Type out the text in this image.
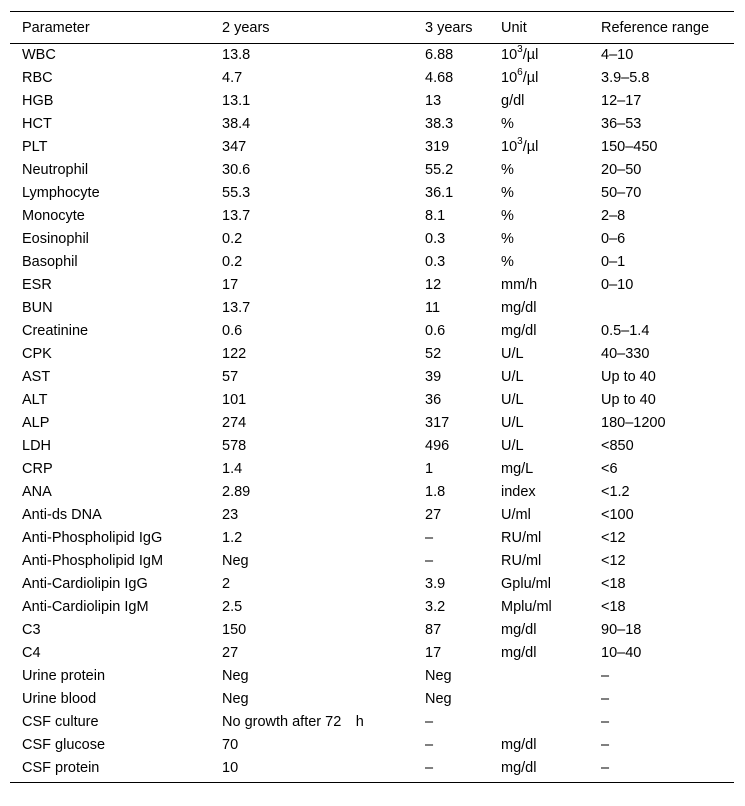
Parameter	2 years	3 years	Unit	Reference range
WBC	13.8	6.88	$10^3/\mu l$	4–10
RBC	4.7	4.68	$10^6/\mu l$	3.9–5.8
HGB	13.1	13	g/dl	12–17
HCT	38.4	38.3	%	36–53
PLT	347	319	$10^3/\mu l$	150–450
Neutrophil	30.6	55.2	%	20–50
Lymphocyte	55.3	36.1	%	50–70
Monocyte	13.7	8.1	%	2–8
Eosinophil	0.2	0.3	%	0–6
Basophil	0.2	0.3	%	0–1
ESR	17	12	mm/h	0–10
BUN	13.7	11	mg/dl	
Creatinine	0.6	0.6	mg/dl	0.5–1.4
CPK	122	52	U/L	40–330
AST	57	39	U/L	Up to 40
ALT	101	36	U/L	Up to 40
ALP	274	317	U/L	180–1200
LDH	578	496	U/L	<850
CRP	1.4	1	mg/L	<6
ANA	2.89	1.8	index	<1.2
Anti-ds DNA	23	27	U/ml	<100
Anti-Phospholipid IgG	1.2	–	RU/ml	<12
Anti-Phospholipid IgM	Neg	–	RU/ml	<12
Anti-Cardiolipin IgG	2	3.9	Gplu/ml	<18
Anti-Cardiolipin IgM	2.5	3.2	Mplu/ml	<18
C3	150	87	mg/dl	90–18
C4	27	17	mg/dl	10–40
Urine protein	Neg	Neg		–
Urine blood	Neg	Neg		–
CSF culture	No growth after 72 h	–		–
CSF glucose	70	–	mg/dl	–
CSF protein	10	–	mg/dl	–
